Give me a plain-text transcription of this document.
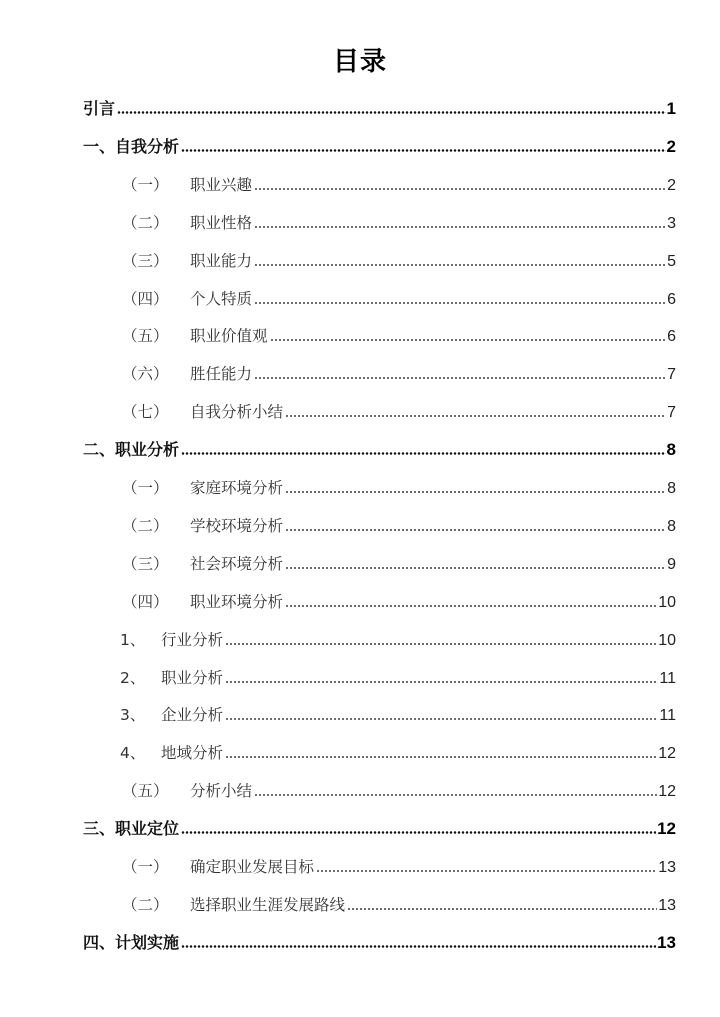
目录
引言	1
一、自我分析	2
（一）	职业兴趣	2
（二）	职业性格	3
（三）	职业能力	5
（四）	个人特质	6
（五）	职业价值观	6
（六）	胜任能力	7
（七）	自我分析小结	7
二、职业分析	8
（一）	家庭环境分析	8
（二）	学校环境分析	8
（三）	社会环境分析	9
（四）	职业环境分析	10
1、	行业分析	10
2、	职业分析	11
3、	企业分析	11
4、	地域分析	12
（五）	分析小结	12
三、职业定位	12
（一）	确定职业发展目标	13
（二）	选择职业生涯发展路线	13
四、计划实施	13
